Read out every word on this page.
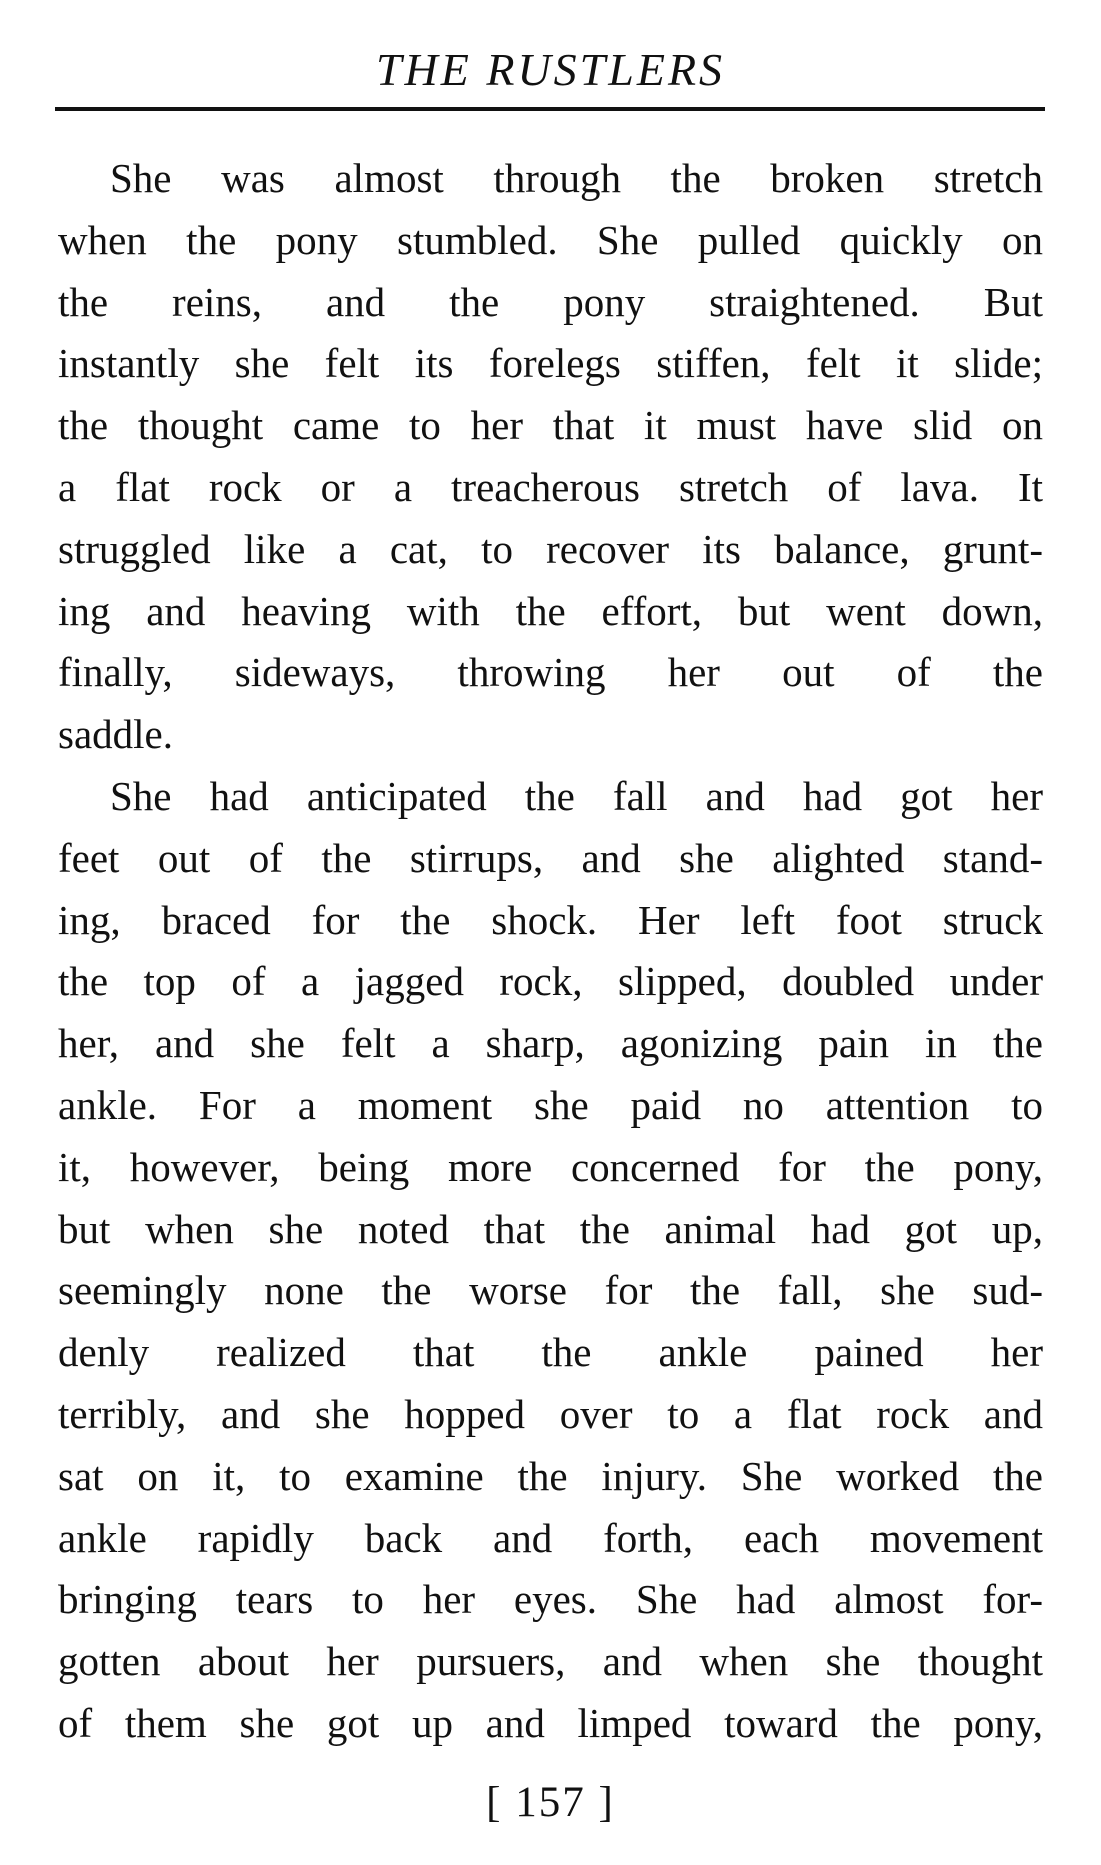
THE RUSTLERS

She was almost through the broken stretch
when the pony stumbled. She pulled quickly on
the reins, and the pony straightened. But
instantly she felt its forelegs stiffen, felt it slide;
the thought came to her that it must have slid on
a flat rock or a treacherous stretch of lava. It
struggled like a cat, to recover its balance, grunt-
ing and heaving with the effort, but went down,
finally, sideways, throwing her out of the
saddle.

She had anticipated the fall and had got her
feet out of the stirrups, and she alighted stand-
ing, braced for the shock. Her left foot struck
the top of a jagged rock, slipped, doubled under
her, and she felt a sharp, agonizing pain in the
ankle. For a moment she paid no attention to
it, however, being more concerned for the pony,
but when she noted that the animal had got up,
seemingly none the worse for the fall, she sud-
denly realized that the ankle pained her
terribly, and she hopped over to a flat rock and
sat on it, to examine the injury. She worked the
ankle rapidly back and forth, each movement
bringing tears to her eyes. She had almost for-
gotten about her pursuers, and when she thought
of them she got up and limped toward the pony,

[ 157 ]
